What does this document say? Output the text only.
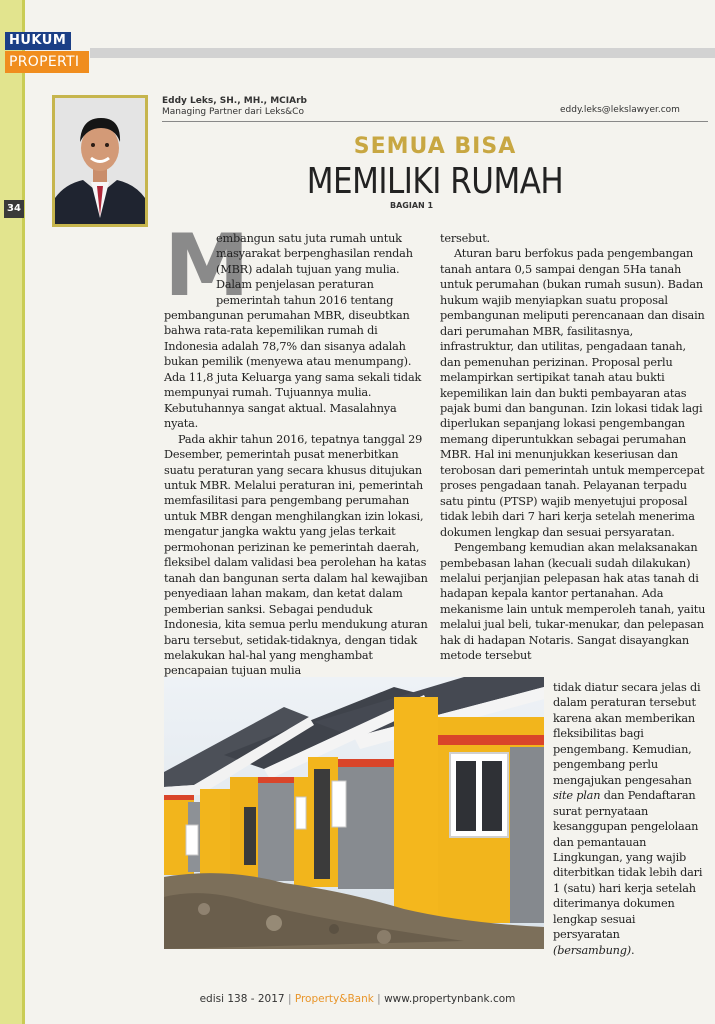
HUKUM
PROPERTI
34
Eddy Leks, SH., MH., MCIArb
Managing Partner dari Leks&Co	eddy.leks@lekslawyer.com
SEMUA BISA
MEMILIKI RUMAH
BAGIAN 1
M

embangun satu juta rumah untuk masyarakat berpenghasilan rendah (MBR) adalah tujuan yang mulia. Dalam penjelasan peraturan pemerintah tahun 2016 tentang

pembangunan perumahan MBR, diseubtkan bahwa rata-rata kepemilikan rumah di Indonesia adalah 78,7% dan sisanya adalah bukan pemilik (menyewa atau menumpang). Ada 11,8 juta Keluarga yang sama sekali tidak mempunyai rumah. Tujuannya mulia. Kebutuhannya sangat aktual. Masalahnya nyata.

Pada akhir tahun 2016, tepatnya tanggal 29 Desember, pemerintah pusat menerbitkan suatu peraturan yang secara khusus ditujukan untuk MBR. Melalui peraturan ini, pemerintah memfasilitasi para pengembang perumahan untuk MBR dengan menghilangkan izin lokasi, mengatur jangka waktu yang jelas terkait permohonan perizinan ke pemerintah daerah, fleksibel dalam validasi bea perolehan ha katas tanah dan bangunan serta dalam hal kewajiban penyediaan lahan makam, dan ketat dalam pemberian sanksi. Sebagai penduduk Indonesia, kita semua perlu mendukung aturan baru tersebut, setidak-tidaknya, dengan tidak melakukan hal-hal yang menghambat pencapaian tujuan mulia

tersebut.

Aturan baru berfokus pada pengembangan tanah antara 0,5 sampai dengan 5Ha tanah untuk perumahan (bukan rumah susun). Badan hukum wajib menyiapkan suatu proposal pembangunan meliputi perencanaan dan disain dari perumahan MBR, fasilitasnya, infrastruktur, dan utilitas, pengadaan tanah, dan pemenuhan perizinan. Proposal perlu melampirkan sertipikat tanah atau bukti kepemilikan lain dan bukti pembayaran atas pajak bumi dan bangunan. Izin lokasi tidak lagi diperlukan sepanjang lokasi pengembangan memang diperuntukkan sebagai perumahan MBR. Hal ini menunjukkan keseriusan dan terobosan dari pemerintah untuk mempercepat proses pengadaan tanah. Pelayanan terpadu satu pintu (PTSP) wajib menyetujui proposal tidak lebih dari 7 hari kerja setelah menerima dokumen lengkap dan sesuai persyaratan.

Pengembang kemudian akan melaksanakan pembebasan lahan (kecuali sudah dilakukan) melalui perjanjian pelepasan hak atas tanah di hadapan kepala kantor pertanahan. Ada mekanisme lain untuk memperoleh tanah, yaitu melalui jual beli, tukar-menukar, dan pelepasan hak di hadapan Notaris. Sangat disayangkan metode tersebut

tidak diatur secara jelas di dalam peraturan tersebut karena akan memberikan fleksibilitas bagi pengembang. Kemudian, pengembang perlu mengajukan pengesahan site plan dan Pendaftaran surat pernyataan kesanggupan pengelolaan dan pemantauan Lingkungan, yang wajib diterbitkan tidak lebih dari 1 (satu) hari kerja setelah diterimanya dokumen lengkap sesuai persyaratan (bersambung).

edisi 138 - 2017 | Property&Bank | www.propertynbank.com
